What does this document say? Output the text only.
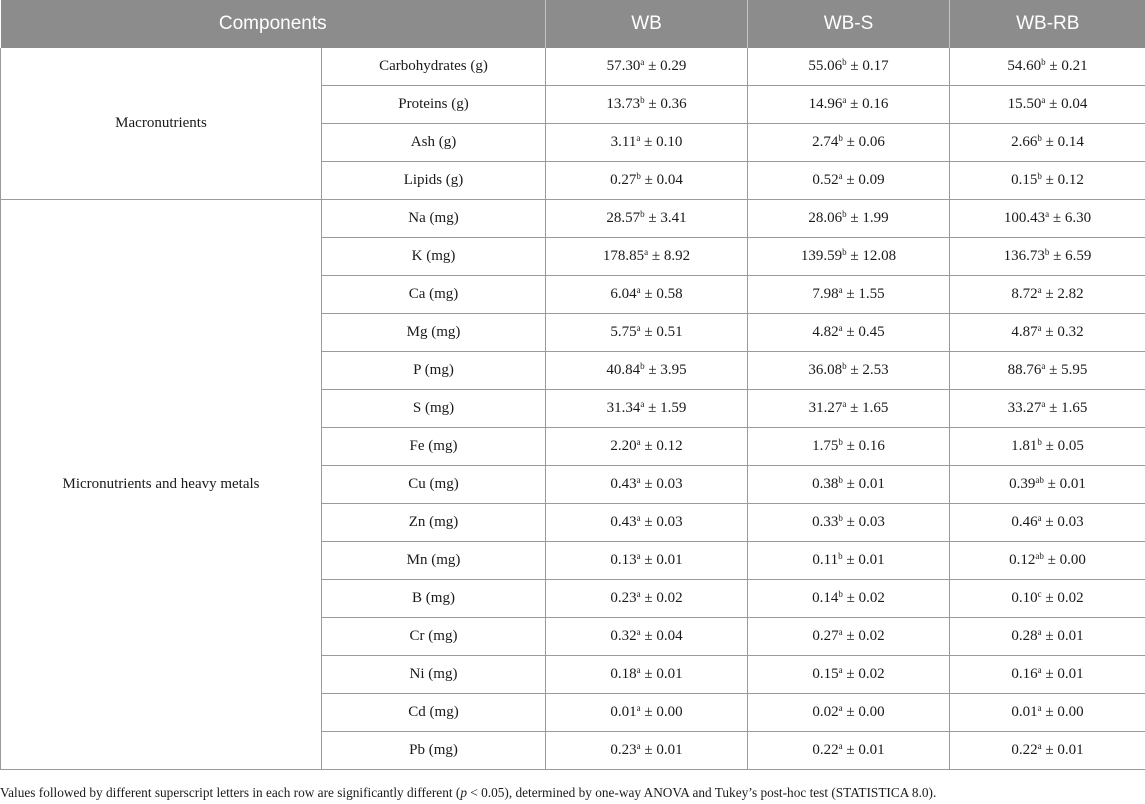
Components		WB	WB-S	WB-RB
Macronutrients	Carbohydrates (g)	57.30$^a$ ± 0.29	55.06$^b$ ± 0.17	54.60$^b$ ± 0.21
	Proteins (g)	13.73$^b$ ± 0.36	14.96$^a$ ± 0.16	15.50$^a$ ± 0.04
	Ash (g)	3.11$^a$ ± 0.10	2.74$^b$ ± 0.06	2.66$^b$ ± 0.14
	Lipids (g)	0.27$^b$ ± 0.04	0.52$^a$ ± 0.09	0.15$^b$ ± 0.12
Micronutrients and heavy metals	Na (mg)	28.57$^b$ ± 3.41	28.06$^b$ ± 1.99	100.43$^a$ ± 6.30
	K (mg)	178.85$^a$ ± 8.92	139.59$^b$ ± 12.08	136.73$^b$ ± 6.59
	Ca (mg)	6.04$^a$ ± 0.58	7.98$^a$ ± 1.55	8.72$^a$ ± 2.82
	Mg (mg)	5.75$^a$ ± 0.51	4.82$^a$ ± 0.45	4.87$^a$ ± 0.32
	P (mg)	40.84$^b$ ± 3.95	36.08$^b$ ± 2.53	88.76$^a$ ± 5.95
	S (mg)	31.34$^a$ ± 1.59	31.27$^a$ ± 1.65	33.27$^a$ ± 1.65
	Fe (mg)	2.20$^a$ ± 0.12	1.75$^b$ ± 0.16	1.81$^b$ ± 0.05
	Cu (mg)	0.43$^a$ ± 0.03	0.38$^b$ ± 0.01	0.39$^{ab}$ ± 0.01
	Zn (mg)	0.43$^a$ ± 0.03	0.33$^b$ ± 0.03	0.46$^a$ ± 0.03
	Mn (mg)	0.13$^a$ ± 0.01	0.11$^b$ ± 0.01	0.12$^{ab}$ ± 0.00
	B (mg)	0.23$^a$ ± 0.02	0.14$^b$ ± 0.02	0.10$^c$ ± 0.02
	Cr (mg)	0.32$^a$ ± 0.04	0.27$^a$ ± 0.02	0.28$^a$ ± 0.01
	Ni (mg)	0.18$^a$ ± 0.01	0.15$^a$ ± 0.02	0.16$^a$ ± 0.01
	Cd (mg)	0.01$^a$ ± 0.00	0.02$^a$ ± 0.00	0.01$^a$ ± 0.00
	Pb (mg)	0.23$^a$ ± 0.01	0.22$^a$ ± 0.01	0.22$^a$ ± 0.01
Values followed by different superscript letters in each row are significantly different (p < 0.05), determined by one-way ANOVA and Tukey’s post-hoc test (STATISTICA 8.0).
